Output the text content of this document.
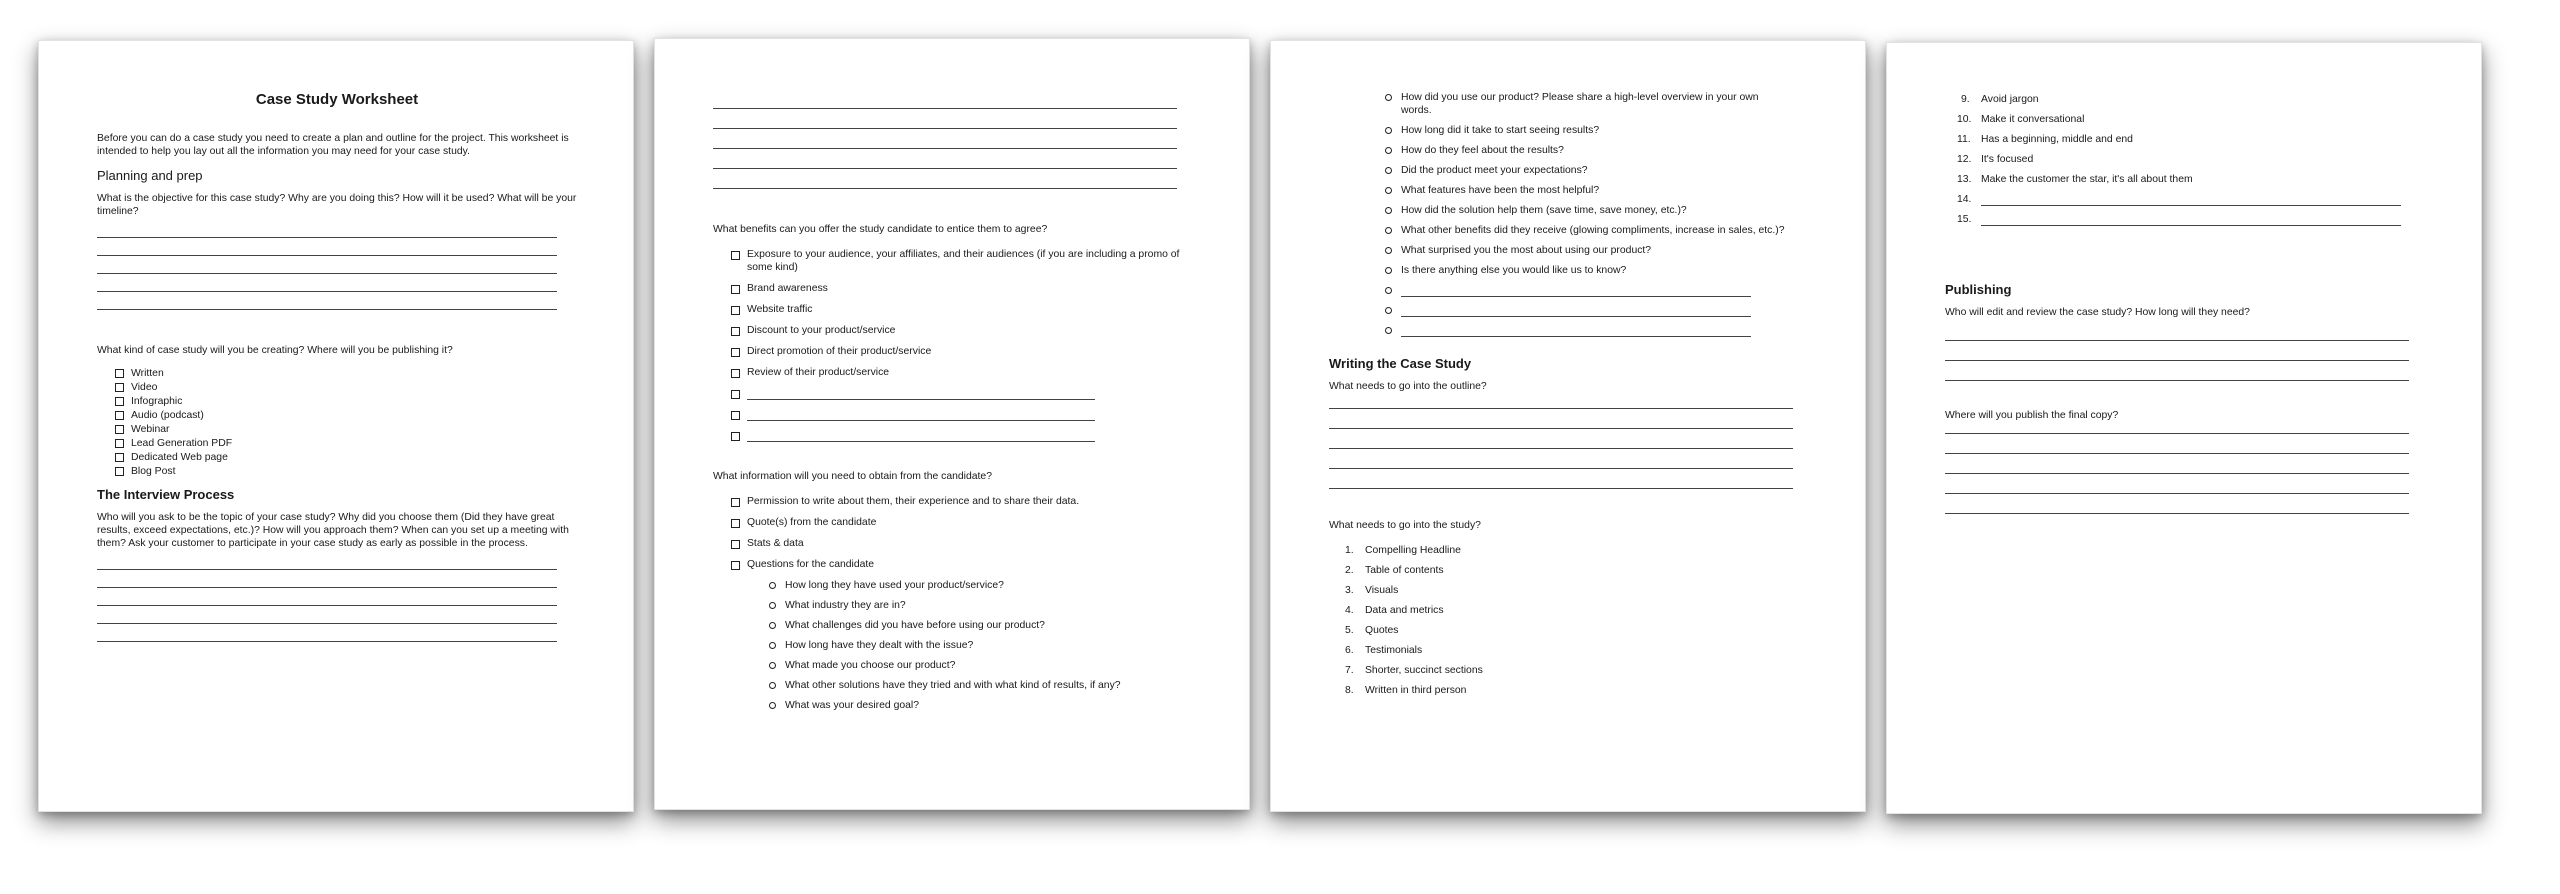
Case Study Worksheet
Before you can do a case study you need to create a plan and outline for the project. This worksheet is intended to help you lay out all the information you may need for your case study.
Planning and prep
What is the objective for this case study? Why are you doing this? How will it be used? What will be your timeline?
What kind of case study will you be creating? Where will you be publishing it?
Written
Video
Infographic
Audio (podcast)
Webinar
Lead Generation PDF
Dedicated Web page
Blog Post
The Interview Process
Who will you ask to be the topic of your case study? Why did you choose them (Did they have great results, exceed expectations, etc.)? How will you approach them? When can you set up a meeting with them? Ask your customer to participate in your case study as early as possible in the process.
What benefits can you offer the study candidate to entice them to agree?
Exposure to your audience, your affiliates, and their audiences (if you are including a promo of some kind)
Brand awareness
Website traffic
Discount to your product/service
Direct promotion of their product/service
Review of their product/service
What information will you need to obtain from the candidate?
Permission to write about them, their experience and to share their data.
Quote(s) from the candidate
Stats & data
Questions for the candidate
How long they have used your product/service?
What industry they are in?
What challenges did you have before using our product?
How long have they dealt with the issue?
What made you choose our product?
What other solutions have they tried and with what kind of results, if any?
What was your desired goal?
How did you use our product? Please share a high-level overview in your own words.
How long did it take to start seeing results?
How do they feel about the results?
Did the product meet your expectations?
What features have been the most helpful?
How did the solution help them (save time, save money, etc.)?
What other benefits did they receive (glowing compliments, increase in sales, etc.)?
What surprised you the most about using our product?
Is there anything else you would like us to know?
Writing the Case Study
What needs to go into the outline?
What needs to go into the study?
1. Compelling Headline
2. Table of contents
3. Visuals
4. Data and metrics
5. Quotes
6. Testimonials
7. Shorter, succinct sections
8. Written in third person
9. Avoid jargon
10. Make it conversational
11. Has a beginning, middle and end
12. It's focused
13. Make the customer the star, it's all about them
14.
15.
Publishing
Who will edit and review the case study? How long will they need?
Where will you publish the final copy?
